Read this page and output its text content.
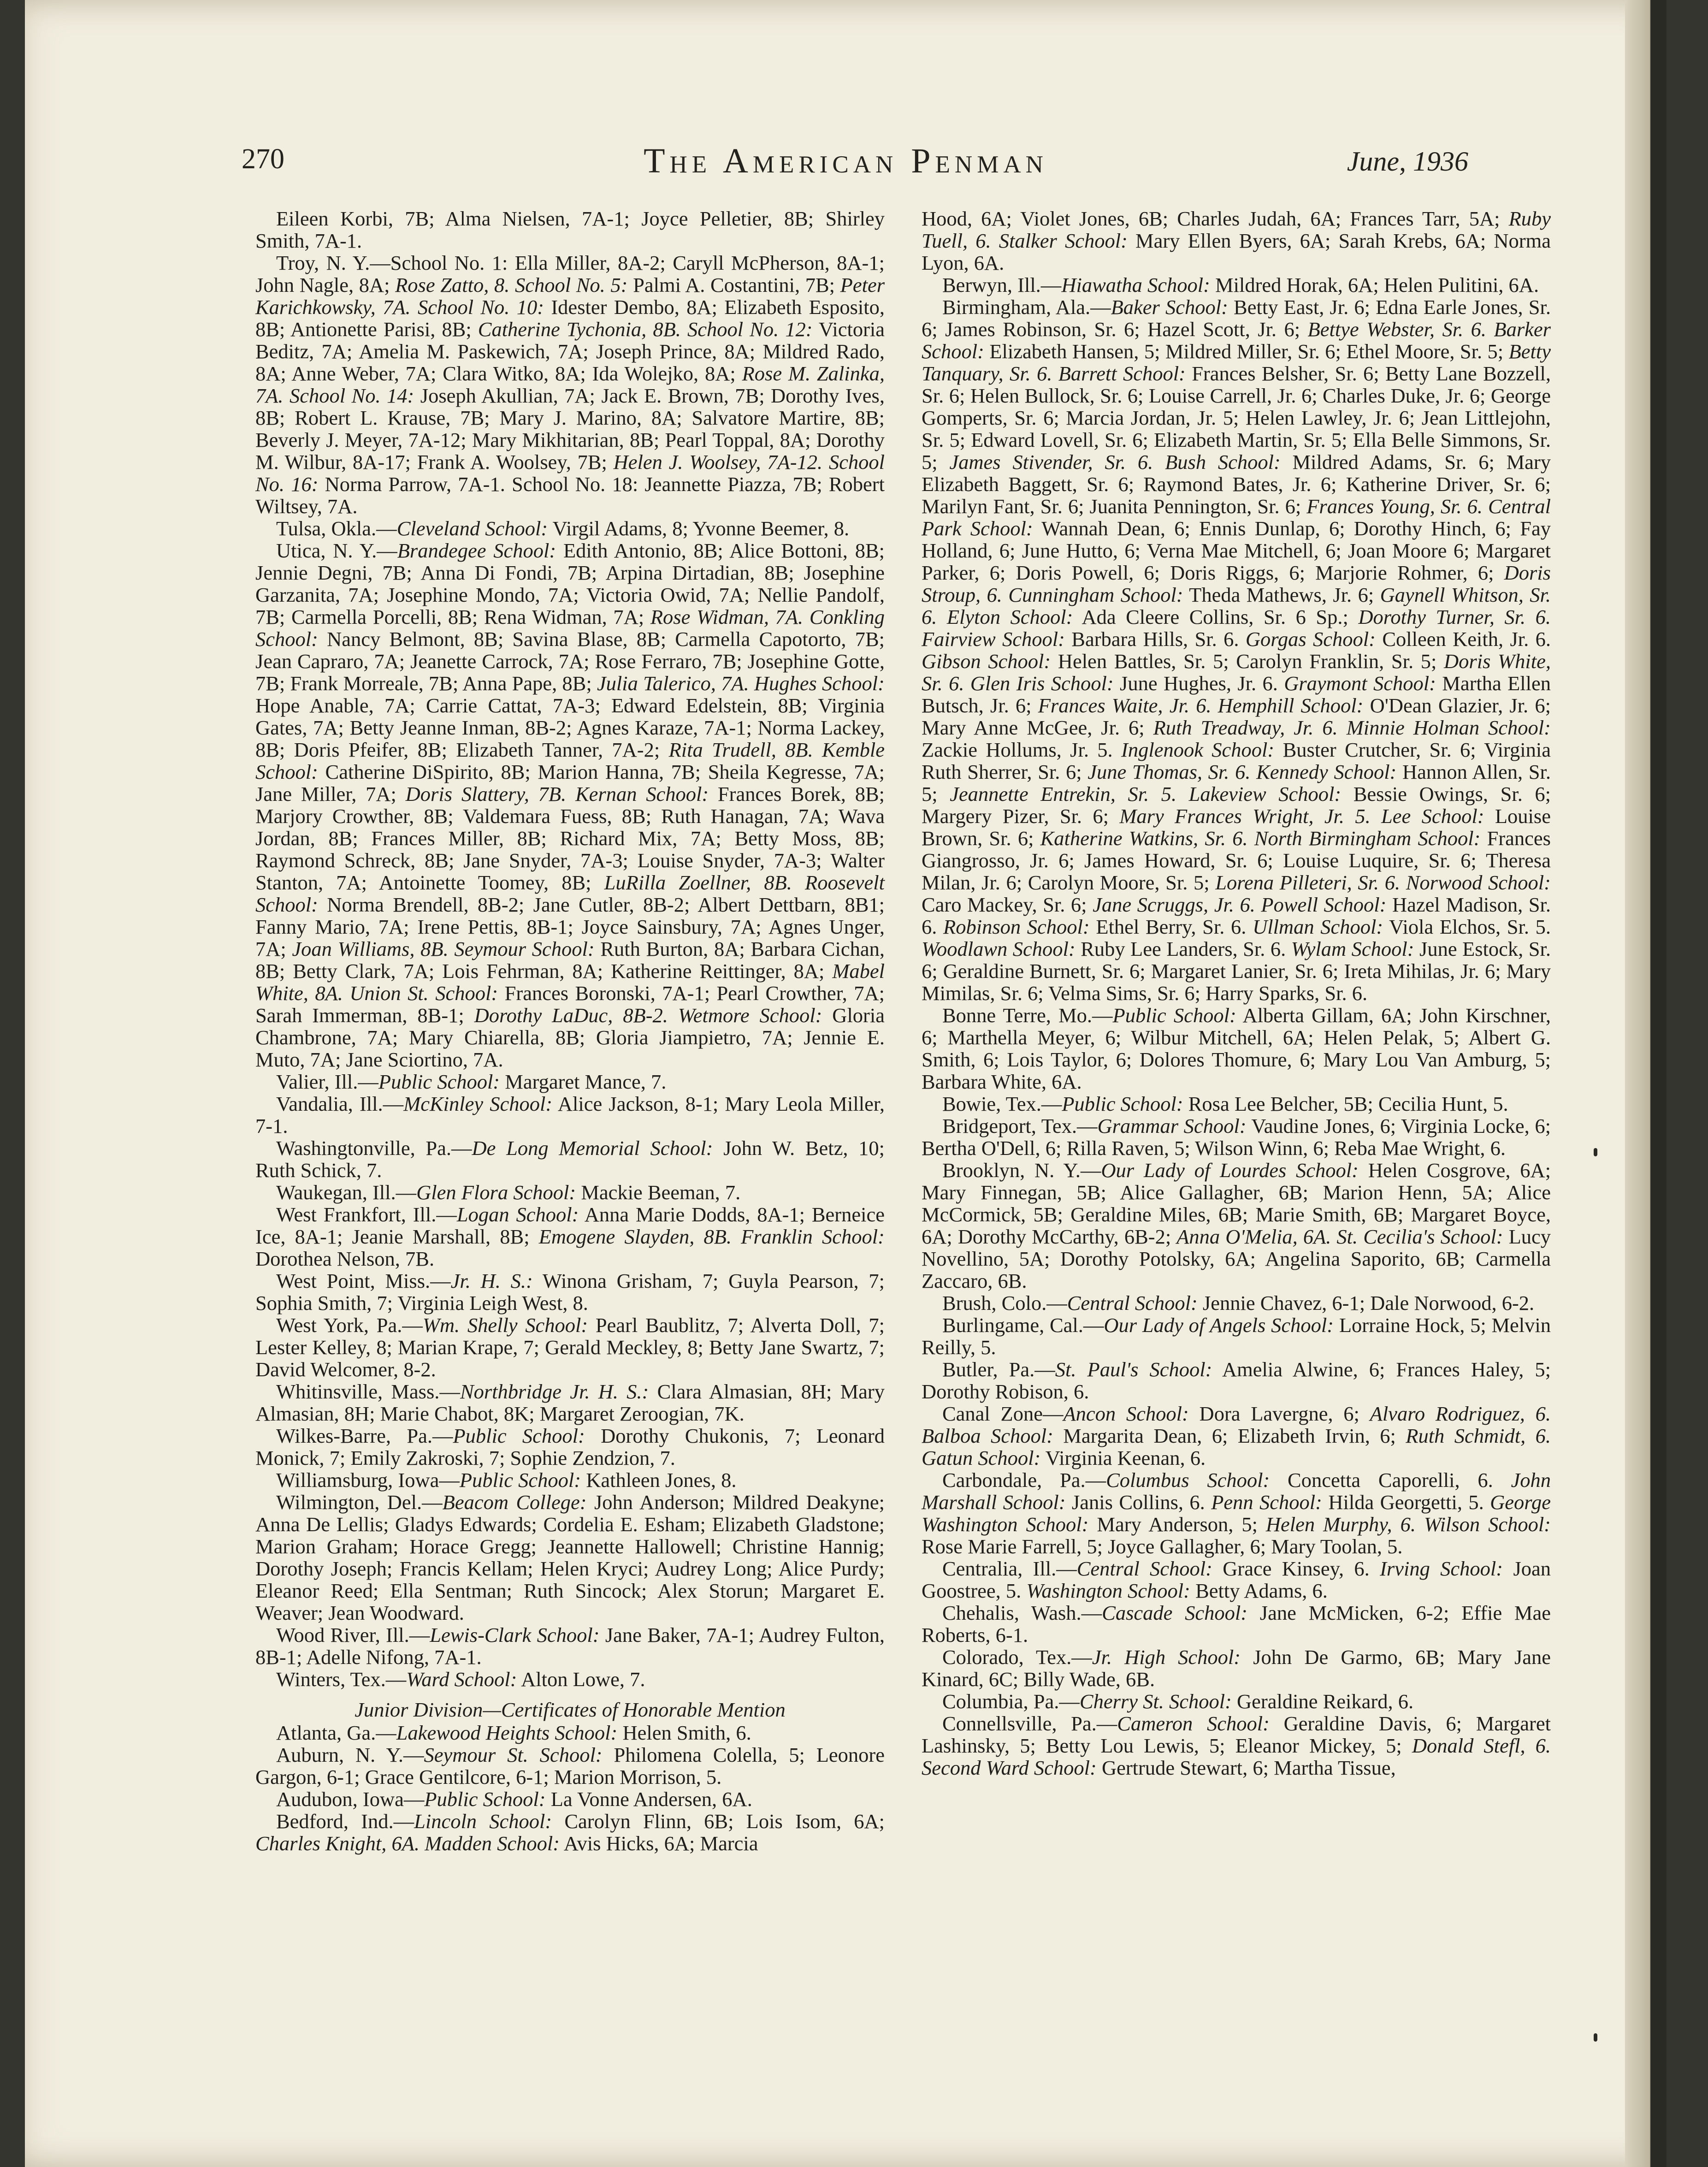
270	The American Penman	June, 1936

Eileen Korbi, 7B; Alma Nielsen, 7A-1; Joyce Pelletier, 8B; Shirley Smith, 7A-1.

Troy, N. Y.—School No. 1: Ella Miller, 8A-2; Caryll McPherson, 8A-1; John Nagle, 8A; Rose Zatto, 8. School No. 5: Palmi A. Costantini, 7B; Peter Karichkowsky, 7A. School No. 10: Idester Dembo, 8A; Elizabeth Esposito, 8B; Antionette Parisi, 8B; Catherine Tychonia, 8B. School No. 12: Victoria Beditz, 7A; Amelia M. Paskewich, 7A; Joseph Prince, 8A; Mildred Rado, 8A; Anne Weber, 7A; Clara Witko, 8A; Ida Wolejko, 8A; Rose M. Zalinka, 7A. School No. 14: Joseph Akullian, 7A; Jack E. Brown, 7B; Dorothy Ives, 8B; Robert L. Krause, 7B; Mary J. Marino, 8A; Salvatore Martire, 8B; Beverly J. Meyer, 7A-12; Mary Mikhitarian, 8B; Pearl Toppal, 8A; Dorothy M. Wilbur, 8A-17; Frank A. Woolsey, 7B; Helen J. Woolsey, 7A-12. School No. 16: Norma Parrow, 7A-1. School No. 18: Jeannette Piazza, 7B; Robert Wiltsey, 7A.

Tulsa, Okla.—Cleveland School: Virgil Adams, 8; Yvonne Beemer, 8.

Utica, N. Y.—Brandegee School: Edith Antonio, 8B; Alice Bottoni, 8B; Jennie Degni, 7B; Anna Di Fondi, 7B; Arpina Dirtadian, 8B; Josephine Garzanita, 7A; Josephine Mondo, 7A; Victoria Owid, 7A; Nellie Pandolf, 7B; Carmella Porcelli, 8B; Rena Widman, 7A; Rose Widman, 7A. Conkling School: Nancy Belmont, 8B; Savina Blase, 8B; Carmella Capotorto, 7B; Jean Capraro, 7A; Jeanette Carrock, 7A; Rose Ferraro, 7B; Josephine Gotte, 7B; Frank Morreale, 7B; Anna Pape, 8B; Julia Talerico, 7A. Hughes School: Hope Anable, 7A; Carrie Cattat, 7A-3; Edward Edelstein, 8B; Virginia Gates, 7A; Betty Jeanne Inman, 8B-2; Agnes Karaze, 7A-1; Norma Lackey, 8B; Doris Pfeifer, 8B; Elizabeth Tanner, 7A-2; Rita Trudell, 8B. Kemble School: Catherine DiSpirito, 8B; Marion Hanna, 7B; Sheila Kegresse, 7A; Jane Miller, 7A; Doris Slattery, 7B. Kernan School: Frances Borek, 8B; Marjory Crowther, 8B; Valdemara Fuess, 8B; Ruth Hanagan, 7A; Wava Jordan, 8B; Frances Miller, 8B; Richard Mix, 7A; Betty Moss, 8B; Raymond Schreck, 8B; Jane Snyder, 7A-3; Louise Snyder, 7A-3; Walter Stanton, 7A; Antoinette Toomey, 8B; LuRilla Zoellner, 8B. Roosevelt School: Norma Brendell, 8B-2; Jane Cutler, 8B-2; Albert Dettbarn, 8B1; Fanny Mario, 7A; Irene Pettis, 8B-1; Joyce Sainsbury, 7A; Agnes Unger, 7A; Joan Williams, 8B. Seymour School: Ruth Burton, 8A; Barbara Cichan, 8B; Betty Clark, 7A; Lois Fehrman, 8A; Katherine Reittinger, 8A; Mabel White, 8A. Union St. School: Frances Boronski, 7A-1; Pearl Crowther, 7A; Sarah Immerman, 8B-1; Dorothy LaDuc, 8B-2. Wetmore School: Gloria Chambrone, 7A; Mary Chiarella, 8B; Gloria Jiampietro, 7A; Jennie E. Muto, 7A; Jane Sciortino, 7A.

Valier, Ill.—Public School: Margaret Mance, 7.

Vandalia, Ill.—McKinley School: Alice Jackson, 8-1; Mary Leola Miller, 7-1.

Washingtonville, Pa.—De Long Memorial School: John W. Betz, 10; Ruth Schick, 7.

Waukegan, Ill.—Glen Flora School: Mackie Beeman, 7.

West Frankfort, Ill.—Logan School: Anna Marie Dodds, 8A-1; Berneice Ice, 8A-1; Jeanie Marshall, 8B; Emogene Slayden, 8B. Franklin School: Dorothea Nelson, 7B.

West Point, Miss.—Jr. H. S.: Winona Grisham, 7; Guyla Pearson, 7; Sophia Smith, 7; Virginia Leigh West, 8.

West York, Pa.—Wm. Shelly School: Pearl Baublitz, 7; Alverta Doll, 7; Lester Kelley, 8; Marian Krape, 7; Gerald Meckley, 8; Betty Jane Swartz, 7; David Welcomer, 8-2.

Whitinsville, Mass.—Northbridge Jr. H. S.: Clara Almasian, 8H; Mary Almasian, 8H; Marie Chabot, 8K; Margaret Zeroogian, 7K.

Wilkes-Barre, Pa.—Public School: Dorothy Chukonis, 7; Leonard Monick, 7; Emily Zakroski, 7; Sophie Zendzion, 7.

Williamsburg, Iowa—Public School: Kathleen Jones, 8.

Wilmington, Del.—Beacom College: John Anderson; Mildred Deakyne; Anna De Lellis; Gladys Edwards; Cordelia E. Esham; Elizabeth Gladstone; Marion Graham; Horace Gregg; Jeannette Hallowell; Christine Hannig; Dorothy Joseph; Francis Kellam; Helen Kryci; Audrey Long; Alice Purdy; Eleanor Reed; Ella Sentman; Ruth Sincock; Alex Storun; Margaret E. Weaver; Jean Woodward.

Wood River, Ill.—Lewis-Clark School: Jane Baker, 7A-1; Audrey Fulton, 8B-1; Adelle Nifong, 7A-1.

Winters, Tex.—Ward School: Alton Lowe, 7.

Junior Division—Certificates of Honorable Mention

Atlanta, Ga.—Lakewood Heights School: Helen Smith, 6.

Auburn, N. Y.—Seymour St. School: Philomena Colella, 5; Leonore Gargon, 6-1; Grace Gentilcore, 6-1; Marion Morrison, 5.

Audubon, Iowa—Public School: La Vonne Andersen, 6A.

Bedford, Ind.—Lincoln School: Carolyn Flinn, 6B; Lois Isom, 6A; Charles Knight, 6A. Madden School: Avis Hicks, 6A; Marcia

Hood, 6A; Violet Jones, 6B; Charles Judah, 6A; Frances Tarr, 5A; Ruby Tuell, 6. Stalker School: Mary Ellen Byers, 6A; Sarah Krebs, 6A; Norma Lyon, 6A.

Berwyn, Ill.—Hiawatha School: Mildred Horak, 6A; Helen Pulitini, 6A.

Birmingham, Ala.—Baker School: Betty East, Jr. 6; Edna Earle Jones, Sr. 6; James Robinson, Sr. 6; Hazel Scott, Jr. 6; Bettye Webster, Sr. 6. Barker School: Elizabeth Hansen, 5; Mildred Miller, Sr. 6; Ethel Moore, Sr. 5; Betty Tanquary, Sr. 6. Barrett School: Frances Belsher, Sr. 6; Betty Lane Bozzell, Sr. 6; Helen Bullock, Sr. 6; Louise Carrell, Jr. 6; Charles Duke, Jr. 6; George Gomperts, Sr. 6; Marcia Jordan, Jr. 5; Helen Lawley, Jr. 6; Jean Littlejohn, Sr. 5; Edward Lovell, Sr. 6; Elizabeth Martin, Sr. 5; Ella Belle Simmons, Sr. 5; James Stivender, Sr. 6. Bush School: Mildred Adams, Sr. 6; Mary Elizabeth Baggett, Sr. 6; Raymond Bates, Jr. 6; Katherine Driver, Sr. 6; Marilyn Fant, Sr. 6; Juanita Pennington, Sr. 6; Frances Young, Sr. 6. Central Park School: Wannah Dean, 6; Ennis Dunlap, 6; Dorothy Hinch, 6; Fay Holland, 6; June Hutto, 6; Verna Mae Mitchell, 6; Joan Moore 6; Margaret Parker, 6; Doris Powell, 6; Doris Riggs, 6; Marjorie Rohmer, 6; Doris Stroup, 6. Cunningham School: Theda Mathews, Jr. 6; Gaynell Whitson, Sr. 6. Elyton School: Ada Cleere Collins, Sr. 6 Sp.; Dorothy Turner, Sr. 6. Fairview School: Barbara Hills, Sr. 6. Gorgas School: Colleen Keith, Jr. 6. Gibson School: Helen Battles, Sr. 5; Carolyn Franklin, Sr. 5; Doris White, Sr. 6. Glen Iris School: June Hughes, Jr. 6. Graymont School: Martha Ellen Butsch, Jr. 6; Frances Waite, Jr. 6. Hemphill School: O'Dean Glazier, Jr. 6; Mary Anne McGee, Jr. 6; Ruth Treadway, Jr. 6. Minnie Holman School: Zackie Hollums, Jr. 5. Inglenook School: Buster Crutcher, Sr. 6; Virginia Ruth Sherrer, Sr. 6; June Thomas, Sr. 6. Kennedy School: Hannon Allen, Sr. 5; Jeannette Entrekin, Sr. 5. Lakeview School: Bessie Owings, Sr. 6; Margery Pizer, Sr. 6; Mary Frances Wright, Jr. 5. Lee School: Louise Brown, Sr. 6; Katherine Watkins, Sr. 6. North Birmingham School: Frances Giangrosso, Jr. 6; James Howard, Sr. 6; Louise Luquire, Sr. 6; Theresa Milan, Jr. 6; Carolyn Moore, Sr. 5; Lorena Pilleteri, Sr. 6. Norwood School: Caro Mackey, Sr. 6; Jane Scruggs, Jr. 6. Powell School: Hazel Madison, Sr. 6. Robinson School: Ethel Berry, Sr. 6. Ullman School: Viola Elchos, Sr. 5. Woodlawn School: Ruby Lee Landers, Sr. 6. Wylam School: June Estock, Sr. 6; Geraldine Burnett, Sr. 6; Margaret Lanier, Sr. 6; Ireta Mihilas, Jr. 6; Mary Mimilas, Sr. 6; Velma Sims, Sr. 6; Harry Sparks, Sr. 6.

Bonne Terre, Mo.—Public School: Alberta Gillam, 6A; John Kirschner, 6; Marthella Meyer, 6; Wilbur Mitchell, 6A; Helen Pelak, 5; Albert G. Smith, 6; Lois Taylor, 6; Dolores Thomure, 6; Mary Lou Van Amburg, 5; Barbara White, 6A.

Bowie, Tex.—Public School: Rosa Lee Belcher, 5B; Cecilia Hunt, 5.

Bridgeport, Tex.—Grammar School: Vaudine Jones, 6; Virginia Locke, 6; Bertha O'Dell, 6; Rilla Raven, 5; Wilson Winn, 6; Reba Mae Wright, 6.

Brooklyn, N. Y.—Our Lady of Lourdes School: Helen Cosgrove, 6A; Mary Finnegan, 5B; Alice Gallagher, 6B; Marion Henn, 5A; Alice McCormick, 5B; Geraldine Miles, 6B; Marie Smith, 6B; Margaret Boyce, 6A; Dorothy McCarthy, 6B-2; Anna O'Melia, 6A. St. Cecilia's School: Lucy Novellino, 5A; Dorothy Potolsky, 6A; Angelina Saporito, 6B; Carmella Zaccaro, 6B.

Brush, Colo.—Central School: Jennie Chavez, 6-1; Dale Norwood, 6-2.

Burlingame, Cal.—Our Lady of Angels School: Lorraine Hock, 5; Melvin Reilly, 5.

Butler, Pa.—St. Paul's School: Amelia Alwine, 6; Frances Haley, 5; Dorothy Robison, 6.

Canal Zone—Ancon School: Dora Lavergne, 6; Alvaro Rodriguez, 6. Balboa School: Margarita Dean, 6; Elizabeth Irvin, 6; Ruth Schmidt, 6. Gatun School: Virginia Keenan, 6.

Carbondale, Pa.—Columbus School: Concetta Caporelli, 6. John Marshall School: Janis Collins, 6. Penn School: Hilda Georgetti, 5. George Washington School: Mary Anderson, 5; Helen Murphy, 6. Wilson School: Rose Marie Farrell, 5; Joyce Gallagher, 6; Mary Toolan, 5.

Centralia, Ill.—Central School: Grace Kinsey, 6. Irving School: Joan Goostree, 5. Washington School: Betty Adams, 6.

Chehalis, Wash.—Cascade School: Jane McMicken, 6-2; Effie Mae Roberts, 6-1.

Colorado, Tex.—Jr. High School: John De Garmo, 6B; Mary Jane Kinard, 6C; Billy Wade, 6B.

Columbia, Pa.—Cherry St. School: Geraldine Reikard, 6.

Connellsville, Pa.—Cameron School: Geraldine Davis, 6; Margaret Lashinsky, 5; Betty Lou Lewis, 5; Eleanor Mickey, 5; Donald Stefl, 6. Second Ward School: Gertrude Stewart, 6; Martha Tissue,
